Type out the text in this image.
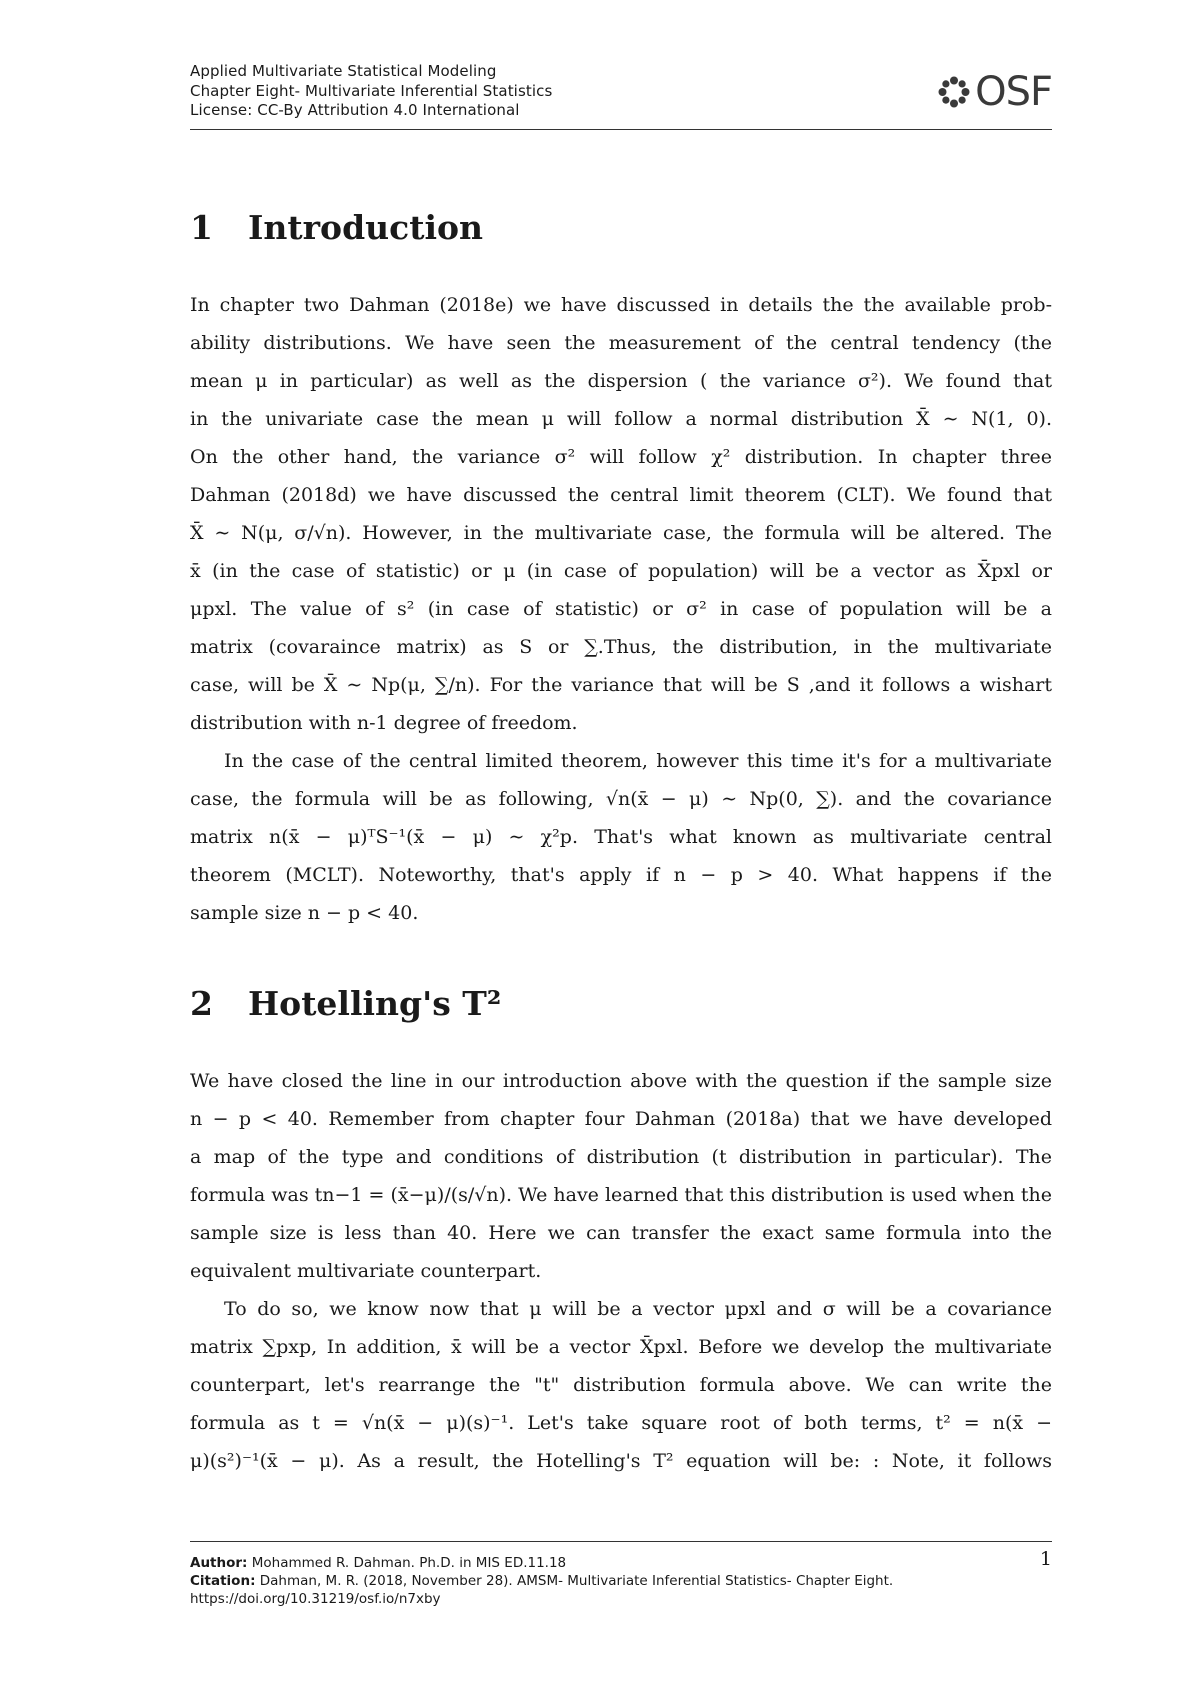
Applied Multivariate Statistical Modeling
Chapter Eight- Multivariate Inferential Statistics
License: CC-By Attribution 4.0 International	OSF
1 Introduction

In chapter two Dahman (2018e) we have discussed in details the the available prob-
ability distributions. We have seen the measurement of the central tendency (the
mean μ in particular) as well as the dispersion ( the variance σ²). We found that
in the univariate case the mean μ will follow a normal distribution X̄ ∼ N(1, 0).
On the other hand, the variance σ² will follow χ² distribution. In chapter three
Dahman (2018d) we have discussed the central limit theorem (CLT). We found that
X̄ ∼ N(μ, σ/√n). However, in the multivariate case, the formula will be altered. The
x̄ (in the case of statistic) or μ (in case of population) will be a vector as X̄pxl or
μpxl. The value of s² (in case of statistic) or σ² in case of population will be a
matrix (covaraince matrix) as S or ∑.Thus, the distribution, in the multivariate
case, will be X̄ ∼ Np(μ, ∑/n). For the variance that will be S ,and it follows a wishart
distribution with n-1 degree of freedom.

In the case of the central limited theorem, however this time it's for a multivariate
case, the formula will be as following, √n(x̄ − μ) ∼ Np(0, ∑). and the covariance
matrix n(x̄ − μ)ᵀS⁻¹(x̄ − μ) ∼ χ²p. That's what known as multivariate central
theorem (MCLT). Noteworthy, that's apply if n − p > 40. What happens if the
sample size n − p < 40.

2 Hotelling's T²

We have closed the line in our introduction above with the question if the sample size
n − p < 40. Remember from chapter four Dahman (2018a) that we have developed
a map of the type and conditions of distribution (t distribution in particular). The
formula was tn−1 = (x̄−μ)/(s/√n). We have learned that this distribution is used when the
sample size is less than 40. Here we can transfer the exact same formula into the
equivalent multivariate counterpart.

To do so, we know now that μ will be a vector μpxl and σ will be a covariance
matrix ∑pxp, In addition, x̄ will be a vector X̄pxl. Before we develop the multivariate
counterpart, let's rearrange the "t" distribution formula above. We can write the
formula as t = √n(x̄ − μ)(s)⁻¹. Let's take square root of both terms, t² = n(x̄ −
μ)(s²)⁻¹(x̄ − μ). As a result, the Hotelling's T² equation will be: : Note, it follows

Author: Mohammed R. Dahman. Ph.D. in MIS ED.11.18
Citation: Dahman, M. R. (2018, November 28). AMSM- Multivariate Inferential Statistics- Chapter Eight.
https://doi.org/10.31219/osf.io/n7xby
1
